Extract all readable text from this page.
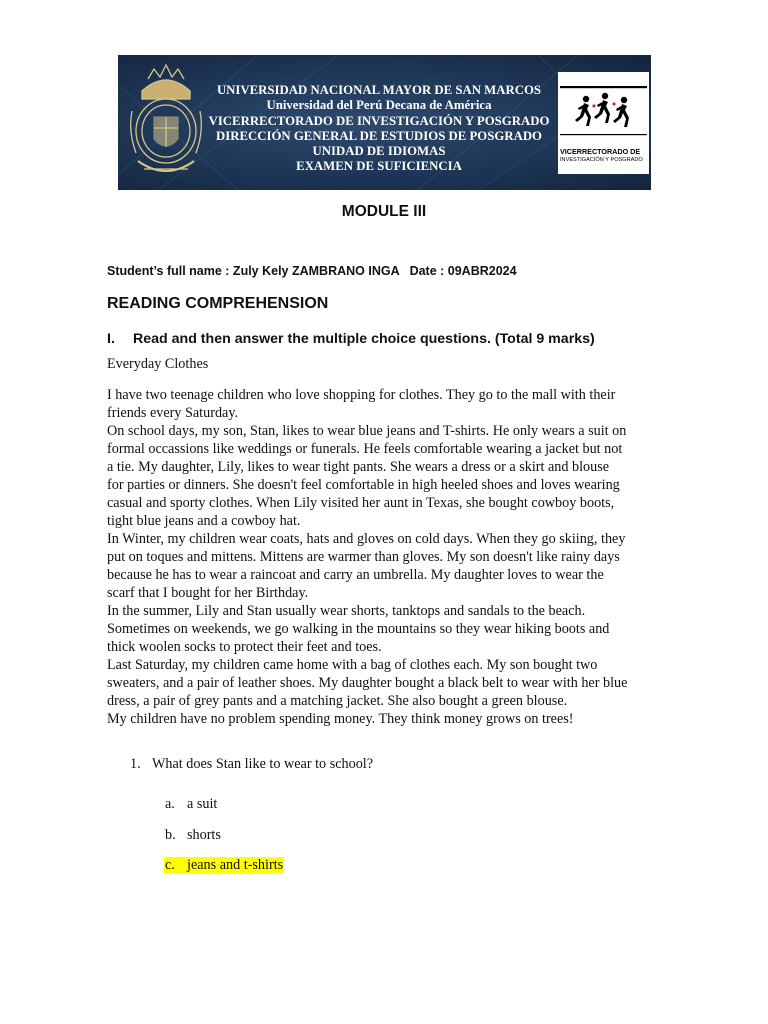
UNIVERSIDAD NACIONAL MAYOR DE SAN MARCOS
Universidad del Perú Decana de América
VICERRECTORADO DE INVESTIGACIÓN Y POSGRADO
DIRECCIÓN GENERAL DE ESTUDIOS DE POSGRADO
UNIDAD DE IDIOMAS
EXAMEN DE SUFICIENCIA
VICERRECTORADO DE
INVESTIGACIÓN Y POSGRADO
MODULE III
Student’s full name : Zuly Kely ZAMBRANO INGA   Date : 09ABR2024
READING COMPREHENSION
I. Read and then answer the multiple choice questions. (Total 9 marks)
Everyday Clothes
I have two teenage children who love shopping for clothes. They go to the mall with their
friends every Saturday.
On school days, my son, Stan, likes to wear blue jeans and T-shirts. He only wears a suit on
formal occassions like weddings or funerals. He feels comfortable wearing a jacket but not
a tie. My daughter, Lily, likes to wear tight pants. She wears a dress or a skirt and blouse
for parties or dinners. She doesn't feel comfortable in high heeled shoes and loves wearing
casual and sporty clothes. When Lily visited her aunt in Texas, she bought cowboy boots,
tight blue jeans and a cowboy hat.
In Winter, my children wear coats, hats and gloves on cold days. When they go skiing, they
put on toques and mittens. Mittens are warmer than gloves. My son doesn't like rainy days
because he has to wear a raincoat and carry an umbrella. My daughter loves to wear the
scarf that I bought for her Birthday.
In the summer, Lily and Stan usually wear shorts, tanktops and sandals to the beach.
Sometimes on weekends, we go walking in the mountains so they wear hiking boots and
thick woolen socks to protect their feet and toes.
Last Saturday, my children came home with a bag of clothes each. My son bought two
sweaters, and a pair of leather shoes. My daughter bought a black belt to wear with her blue
dress, a pair of grey pants and a matching jacket. She also bought a green blouse.
My children have no problem spending money. They think money grows on trees!
1. What does Stan like to wear to school?
a. a suit
b. shorts
c. jeans and t-shirts
